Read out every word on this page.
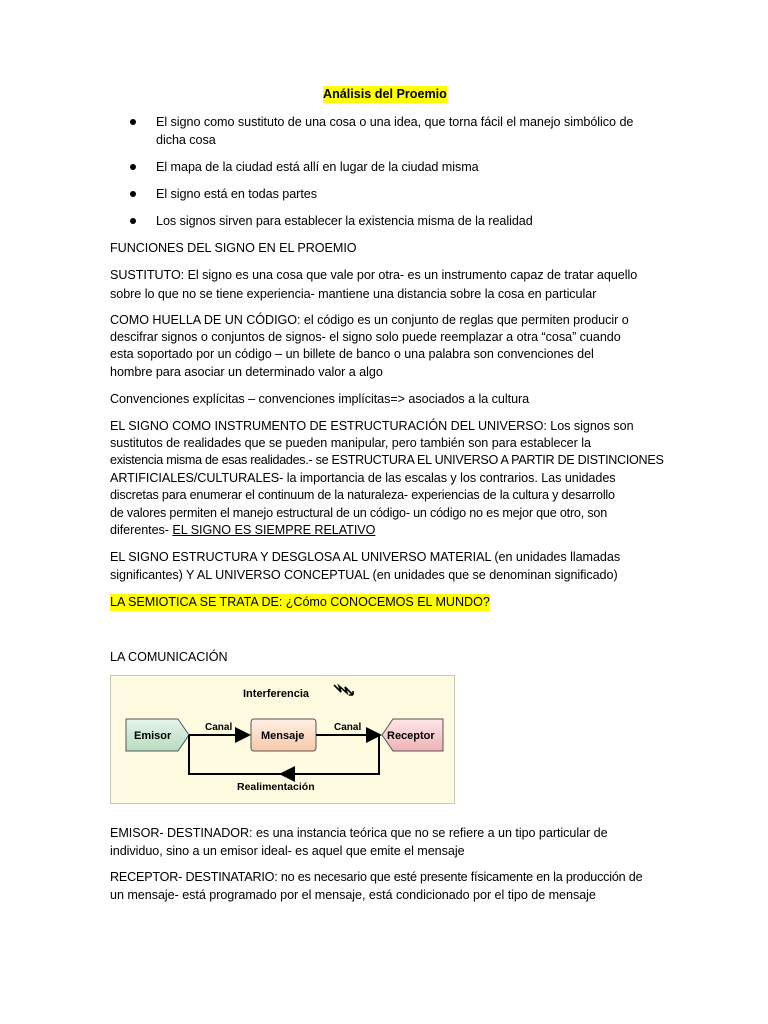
Análisis del Proemio
El signo como sustituto de una cosa o una idea, que torna fácil el manejo simbólico de
dicha cosa
El mapa de la ciudad está allí en lugar de la ciudad misma
El signo está en todas partes
Los signos sirven para establecer la existencia misma de la realidad
FUNCIONES DEL SIGNO EN EL PROEMIO
SUSTITUTO: El signo es una cosa que vale por otra- es un instrumento capaz de tratar aquello
sobre lo que no se tiene experiencia- mantiene una distancia sobre la cosa en particular
COMO HUELLA DE UN CÓDIGO: el código es un conjunto de reglas que permiten producir o
descifrar signos o conjuntos de signos- el signo solo puede reemplazar a otra “cosa” cuando
esta soportado por un código – un billete de banco o una palabra son convenciones del
hombre para asociar un determinado valor a algo
Convenciones explícitas – convenciones implícitas=> asociados a la cultura
EL SIGNO COMO INSTRUMENTO DE ESTRUCTURACIÓN DEL UNIVERSO: Los signos son
sustitutos de realidades que se pueden manipular, pero también son para establecer la
existencia misma de esas realidades.- se ESTRUCTURA EL UNIVERSO A PARTIR DE DISTINCIONES
ARTIFICIALES/CULTURALES- la importancia de las escalas y los contrarios. Las unidades
discretas para enumerar el continuum de la naturaleza- experiencias de la cultura y desarrollo
de valores permiten el manejo estructural de un código- un código no es mejor que otro, son
diferentes- EL SIGNO ES SIEMPRE RELATIVO
EL SIGNO ESTRUCTURA Y DESGLOSA AL UNIVERSO MATERIAL (en unidades llamadas
significantes) Y AL UNIVERSO CONCEPTUAL (en unidades que se denominan significado)
LA SEMIOTICA SE TRATA DE: ¿Cómo CONOCEMOS EL MUNDO?
LA COMUNICACIÓN
Interferencia
Emisor	Mensaje	Receptor
Canal	Canal
Realimentación
EMISOR- DESTINADOR: es una instancia teórica que no se refiere a un tipo particular de
individuo, sino a un emisor ideal- es aquel que emite el mensaje
RECEPTOR- DESTINATARIO: no es necesario que esté presente físicamente en la producción de
un mensaje- está programado por el mensaje, está condicionado por el tipo de mensaje
